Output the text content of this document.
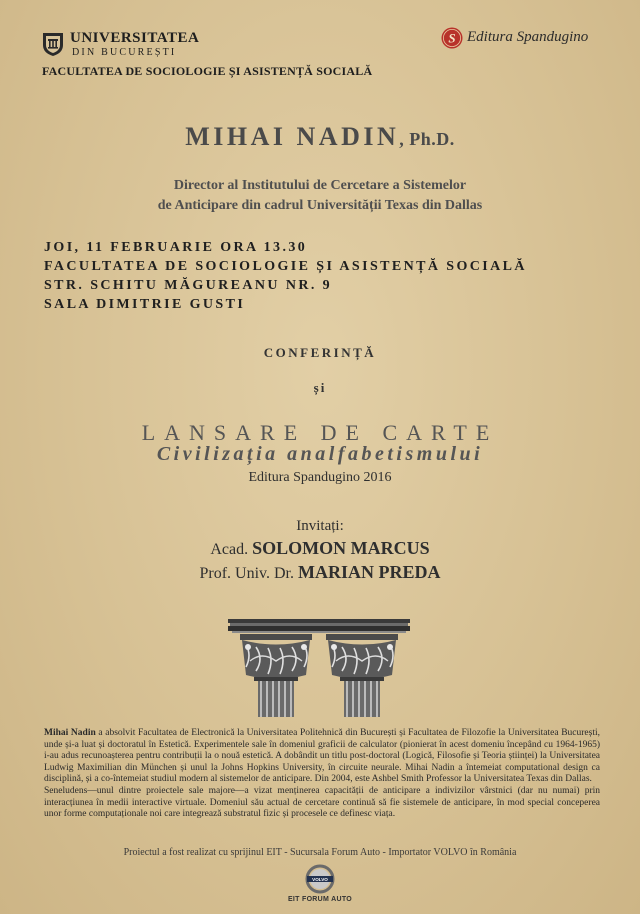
UNIVERSITATEA
DIN BUCUREȘTI
FACULTATEA DE SOCIOLOGIE ȘI ASISTENȚĂ SOCIALĂ
S Editura Spandugino
MIHAI NADIN, Ph.D.
Director al Institutului de Cercetare a Sistemelor
de Anticipare din cadrul Universității Texas din Dallas
JOI, 11 FEBRUARIE ORA 13.30
FACULTATEA DE SOCIOLOGIE ȘI ASISTENȚĂ SOCIALĂ
STR. SCHITU MĂGUREANU NR. 9
SALA DIMITRIE GUSTI
CONFERINȚĂ
și
LANSARE DE CARTE
Civilizația analfabetismului
Editura Spandugino 2016
Invitați:
Acad. SOLOMON MARCUS
Prof. Univ. Dr. MARIAN PREDA

Mihai Nadin a absolvit Facultatea de Electronică la Universitatea Politehnică din București și Facultatea de Filozofie la Universitatea București, unde și-a luat și doctoratul în Estetică. Experimentele sale în domeniul graficii de calculator (pionierat în acest domeniu începând cu 1964-1965) i-au adus recunoașterea pentru contribuții la o nouă estetică. A dobândit un titlu post-doctoral (Logică, Filosofie și Teoria științei) la Universitatea Ludwig Maximilian din München și unul la Johns Hopkins University, în circuite neurale. Mihai Nadin a întemeiat computational design ca disciplină, și a co-întemeiat studiul modern al sistemelor de anticipare. Din 2004, este Ashbel Smith Professor la Universitatea Texas din Dallas.

Seneludens—unul dintre proiectele sale majore—a vizat menținerea capacității de anticipare a indivizilor vârstnici (dar nu numai) prin interacțiunea în medii interactive virtuale. Domeniul său actual de cercetare continuă să fie sistemele de anticipare, în mod special conceperea unor forme computaționale noi care integrează substratul fizic și procesele ce definesc viața.

Proiectul a fost realizat cu sprijinul EIT - Sucursala Forum Auto - Importator VOLVO în România
VOLVO
EIT FORUM AUTO
